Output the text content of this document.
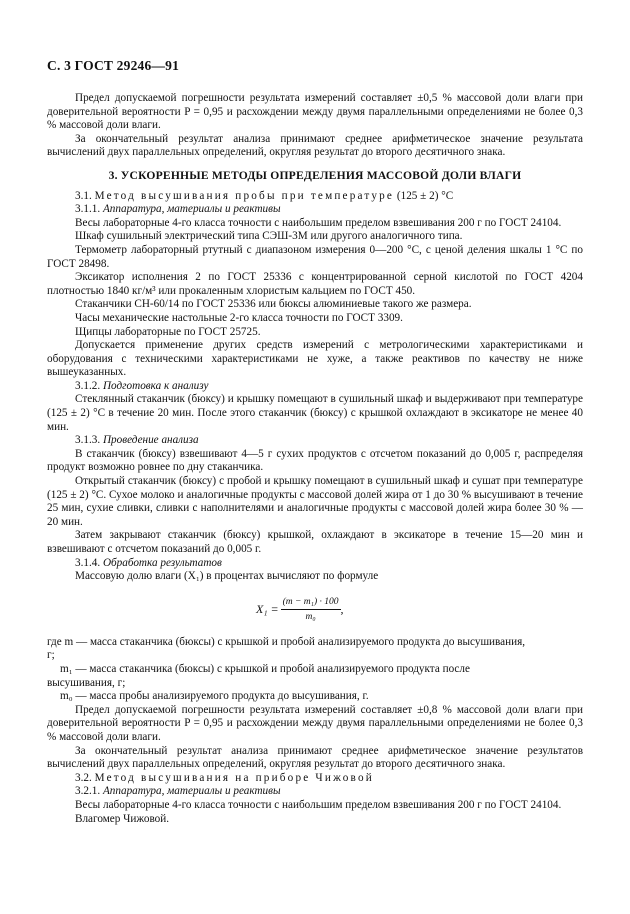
С. 3 ГОСТ 29246—91

Предел допускаемой погрешности результата измерений составляет ±0,5 % массовой доли влаги при доверительной вероятности P = 0,95 и расхождении между двумя параллельными определениями не более 0,3 % массовой доли влаги.

За окончательный результат анализа принимают среднее арифметическое значение результата вычислений двух параллельных определений, округляя результат до второго десятичного знака.

3. УСКОРЕННЫЕ МЕТОДЫ ОПРЕДЕЛЕНИЯ МАССОВОЙ ДОЛИ ВЛАГИ

3.1. Метод высушивания пробы при температуре (125 ± 2) °С

3.1.1. Аппаратура, материалы и реактивы

Весы лабораторные 4-го класса точности с наибольшим пределом взвешивания 200 г по ГОСТ 24104.

Шкаф сушильный электрический типа СЭШ-3М или другого аналогичного типа.

Термометр лабораторный ртутный с диапазоном измерения 0—200 °С, с ценой деления шкалы 1 °С по ГОСТ 28498.

Эксикатор исполнения 2 по ГОСТ 25336 с концентрированной серной кислотой по ГОСТ 4204 плотностью 1840 кг/м³ или прокаленным хлористым кальцием по ГОСТ 450.

Стаканчики СН-60/14 по ГОСТ 25336 или бюксы алюминиевые такого же размера.

Часы механические настольные 2-го класса точности по ГОСТ 3309.

Щипцы лабораторные по ГОСТ 25725.

Допускается применение других средств измерений с метрологическими характеристиками и оборудования с техническими характеристиками не хуже, а также реактивов по качеству не ниже вышеуказанных.

3.1.2. Подготовка к анализу

Стеклянный стаканчик (бюксу) и крышку помещают в сушильный шкаф и выдерживают при температуре (125 ± 2) °С в течение 20 мин. После этого стаканчик (бюксу) с крышкой охлаждают в эксикаторе не менее 40 мин.

3.1.3. Проведение анализа

В стаканчик (бюксу) взвешивают 4—5 г сухих продуктов с отсчетом показаний до 0,005 г, распределяя продукт возможно ровнее по дну стаканчика.

Открытый стаканчик (бюксу) с пробой и крышку помещают в сушильный шкаф и сушат при температуре (125 ± 2) °С. Сухое молоко и аналогичные продукты с массовой долей жира от 1 до 30 % высушивают в течение 25 мин, сухие сливки, сливки с наполнителями и аналогичные продукты с массовой долей жира более 30 % — 20 мин.

Затем закрывают стаканчик (бюксу) крышкой, охлаждают в эксикаторе в течение 15—20 мин и взвешивают с отсчетом показаний до 0,005 г.

3.1.4. Обработка результатов

Массовую долю влаги (X₁) в процентах вычисляют по формуле

$X_1 = \frac{\text{(m − m₁) · 100}}{\text{m₀}}$ ,
где m —
масса стаканчика (бюксы) с крышкой и пробой анализируемого продукта до высушивания,
г;
m₁ —
масса стаканчика (бюксы) с крышкой и пробой анализируемого продукта после
высушивания, г;
m₀ —
масса пробы анализируемого продукта до высушивания, г.

Предел допускаемой погрешности результата измерений составляет ±0,8 % массовой доли влаги при доверительной вероятности P = 0,95 и расхождении между двумя параллельными определениями не более 0,3 % массовой доли влаги.

За окончательный результат анализа принимают среднее арифметическое значение результатов вычислений двух параллельных определений, округляя результат до второго десятичного знака.

3.2. Метод высушивания на приборе Чижовой

3.2.1. Аппаратура, материалы и реактивы

Весы лабораторные 4-го класса точности с наибольшим пределом взвешивания 200 г по ГОСТ 24104.

Влагомер Чижовой.
